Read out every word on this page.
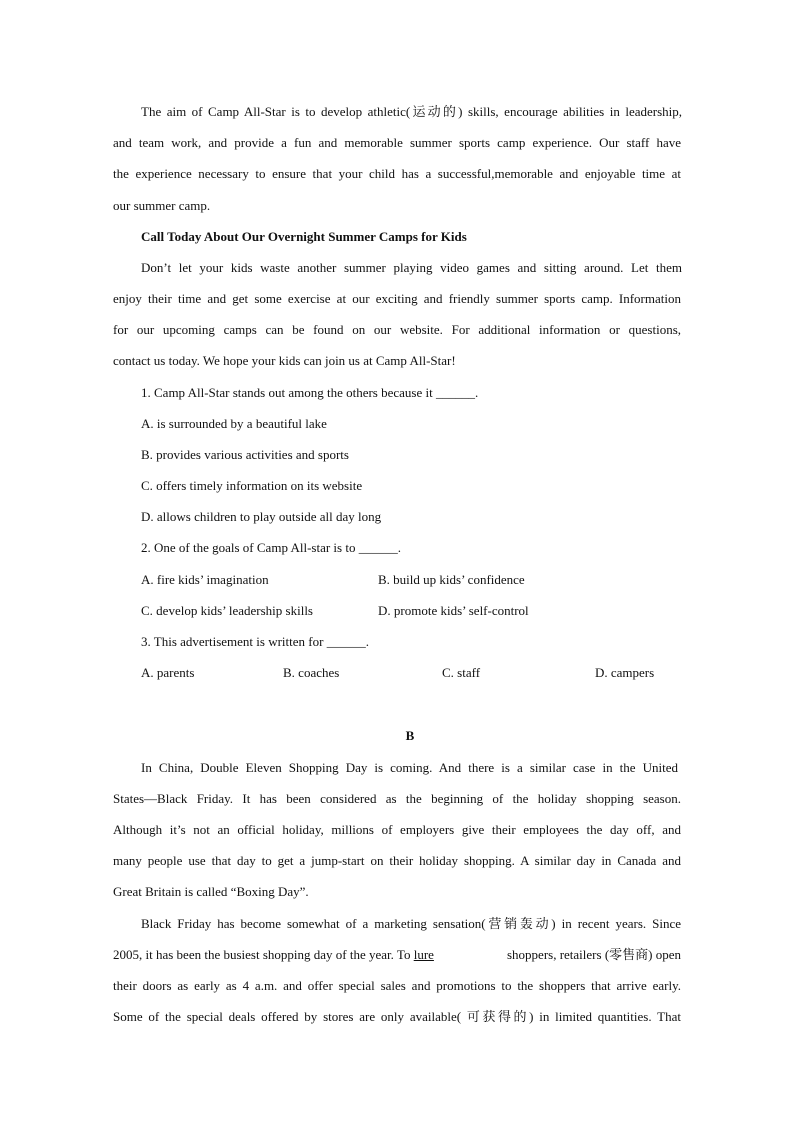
The aim of Camp All-Star is to develop athletic(运动的) skills, encourage abilities in leadership,
and team work, and provide a fun and memorable summer sports camp experience. Our staff have
the experience necessary to ensure that your child has a successful,memorable and enjoyable time at
our summer camp.
Call Today About Our Overnight Summer Camps for Kids
Don’t let your kids waste another summer playing video games and sitting around. Let them
enjoy their time and get some exercise at our exciting and friendly summer sports camp. Information
for our upcoming camps can be found on our website. For additional information or questions,
contact us today. We hope your kids can join us at Camp All-Star!
1. Camp All-Star stands out among the others because it ______.
A. is surrounded by a beautiful lake
B. provides various activities and sports
C. offers timely information on its website
D. allows children to play outside all day long
2. One of the goals of Camp All-star is to ______.
A. fire kids’ imagination	B. build up kids’ confidence
C. develop kids’ leadership skills	D. promote kids’ self-control
3. This advertisement is written for ______.
A. parents	B. coaches	C. staff	D. campers
B
In China, Double Eleven Shopping Day is coming. And there is a similar case in the United
States—Black Friday. It has been considered as the beginning of the holiday shopping season.
Although it’s not an official holiday, millions of employers give their employees the day off, and
many people use that day to get a jump-start on their holiday shopping. A similar day in Canada and
Great Britain is called “Boxing Day”.
Black Friday has become somewhat of a marketing sensation(营销轰动) in recent years. Since
2005, it has been the busiest shopping day of the year. To lure	shoppers, retailers (零售商) open
their doors as early as 4 a.m. and offer special sales and promotions to the shoppers that arrive early.
Some of the special deals offered by stores are only available( 可获得的) in limited quantities. That
